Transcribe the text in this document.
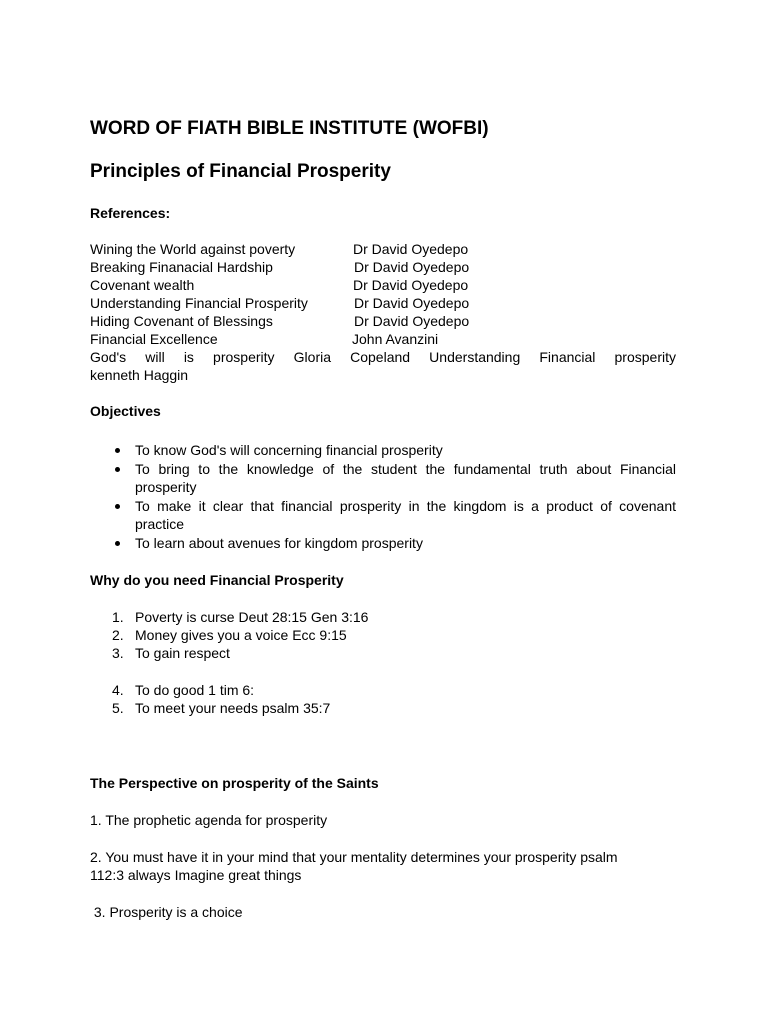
WORD OF FIATH BIBLE INSTITUTE (WOFBI)
Principles of Financial Prosperity
References:
Wining the World against poverty	Dr David Oyedepo
Breaking Finanacial Hardship	Dr David Oyedepo
Covenant wealth	Dr David Oyedepo
Understanding Financial Prosperity	Dr David Oyedepo
Hiding Covenant of Blessings	Dr David Oyedepo
Financial Excellence	John Avanzini
God's will is prosperity Gloria Copeland Understanding Financial prosperity
kenneth Haggin
Objectives
To know God's will concerning financial prosperity
To bring to the knowledge of the student the fundamental truth about Financial
prosperity
To make it clear that financial prosperity in the kingdom is a product of covenant
practice
To learn about avenues for kingdom prosperity
Why do you need Financial Prosperity
1. Poverty is curse Deut 28:15 Gen 3:16
2. Money gives you a voice Ecc 9:15
3. To gain respect
4. To do good 1 tim 6:
5. To meet your needs psalm 35:7
The Perspective on prosperity of the Saints
1. The prophetic agenda for prosperity
2. You must have it in your mind that your mentality determines your prosperity psalm
112:3 always Imagine great things
3. Prosperity is a choice
